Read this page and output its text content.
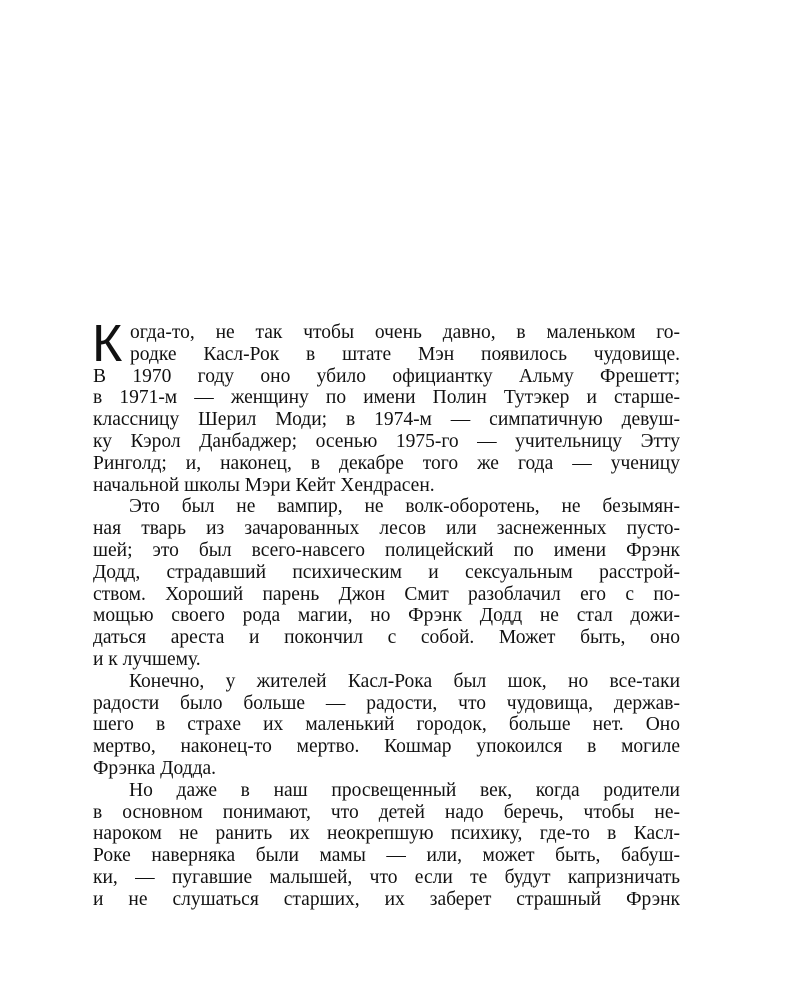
К огда-то, не так чтобы очень давно, в маленьком го-
родке Касл-Рок в штате Мэн появилось чудовище.
В 1970 году оно убило официантку Альму Фрешетт;
в 1971-м — женщину по имени Полин Тутэкер и старше-
классницу Шерил Моди; в 1974-м — симпатичную девуш-
ку Кэрол Данбаджер; осенью 1975-го — учительницу Этту
Ринголд; и, наконец, в декабре того же года — ученицу
начальной школы Мэри Кейт Хендрасен.
Это был не вампир, не волк-оборотень, не безымян-
ная тварь из зачарованных лесов или заснеженных пусто-
шей; это был всего-навсего полицейский по имени Фрэнк
Додд, страдавший психическим и сексуальным расстрой-
ством. Хороший парень Джон Смит разоблачил его с по-
мощью своего рода магии, но Фрэнк Додд не стал дожи-
даться ареста и покончил с собой. Может быть, оно
и к лучшему.
Конечно, у жителей Касл-Рока был шок, но все-таки
радости было больше — радости, что чудовища, держав-
шего в страхе их маленький городок, больше нет. Оно
мертво, наконец-то мертво. Кошмар упокоился в могиле
Фрэнка Додда.
Но даже в наш просвещенный век, когда родители
в основном понимают, что детей надо беречь, чтобы не-
нароком не ранить их неокрепшую психику, где-то в Касл-
Роке наверняка были мамы — или, может быть, бабуш-
ки, — пугавшие малышей, что если те будут капризничать
и не слушаться старших, их заберет страшный Фрэнк
